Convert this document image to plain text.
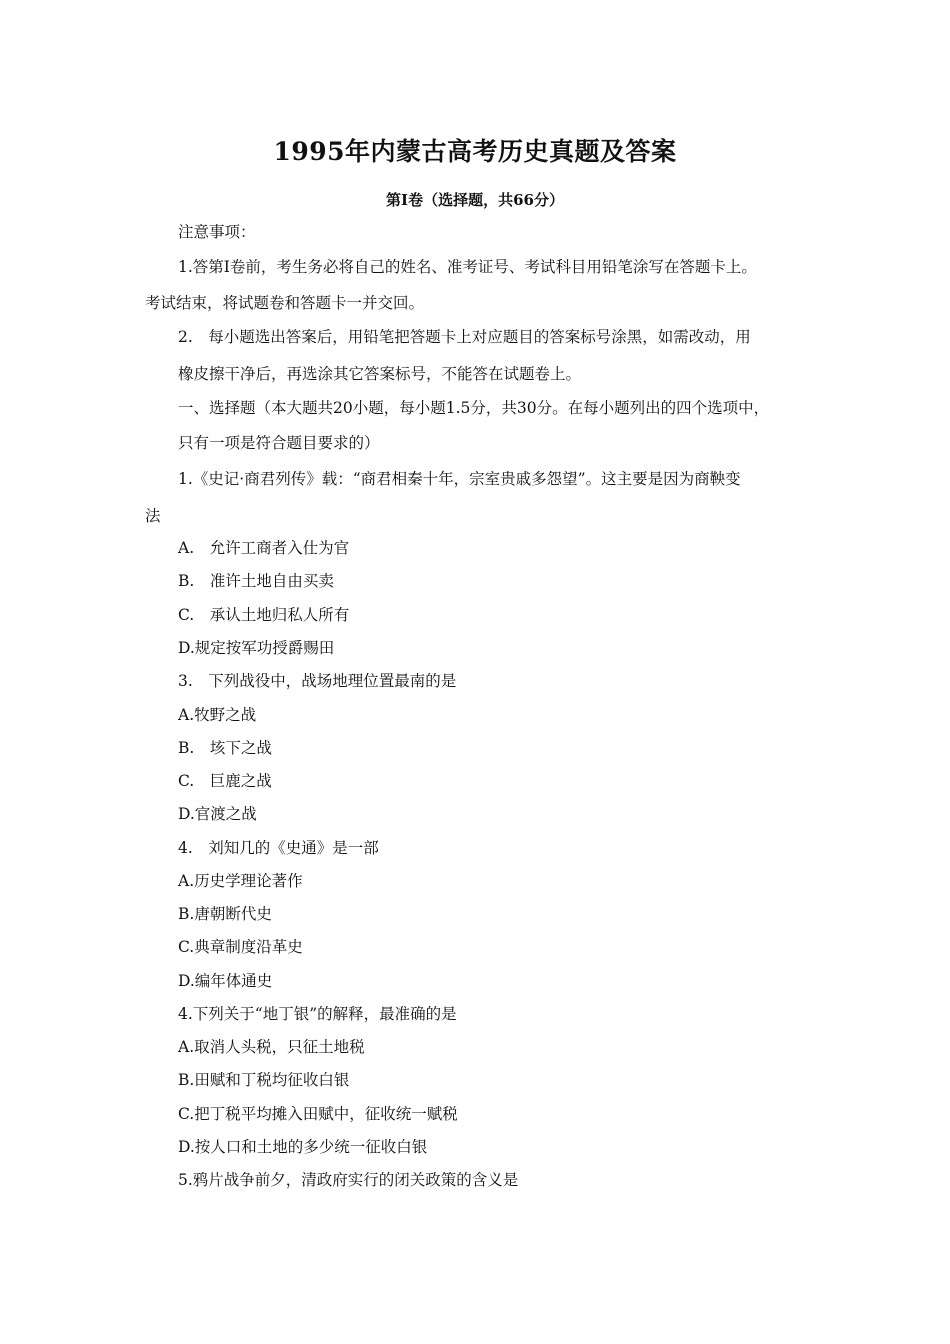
1995年内蒙古高考历史真题及答案
第Ⅰ卷（选择题，共66分）
注意事项：
1.答第Ⅰ卷前，考生务必将自己的姓名、准考证号、考试科目用铅笔涂写在答题卡上。
考试结束，将试题卷和答题卡一并交回。
2.　每小题选出答案后，用铅笔把答题卡上对应题目的答案标号涂黑，如需改动，用
橡皮擦干净后，再选涂其它答案标号，不能答在试题卷上。
一、选择题（本大题共20小题，每小题1.5分，共30分。在每小题列出的四个选项中，
只有一项是符合题目要求的）
1.《史记·商君列传》载：“商君相秦十年，宗室贵戚多怨望”。这主要是因为商鞅变
法
A.　允许工商者入仕为官
B.　准许土地自由买卖
C.　承认土地归私人所有
D.规定按军功授爵赐田
3.　下列战役中，战场地理位置最南的是
A.牧野之战
B.　垓下之战
C.　巨鹿之战
D.官渡之战
4.　刘知几的《史通》是一部
A.历史学理论著作
B.唐朝断代史
C.典章制度沿革史
D.编年体通史
4.下列关于“地丁银”的解释，最准确的是
A.取消人头税，只征土地税
B.田赋和丁税均征收白银
C.把丁税平均摊入田赋中，征收统一赋税
D.按人口和土地的多少统一征收白银
5.鸦片战争前夕，清政府实行的闭关政策的含义是
